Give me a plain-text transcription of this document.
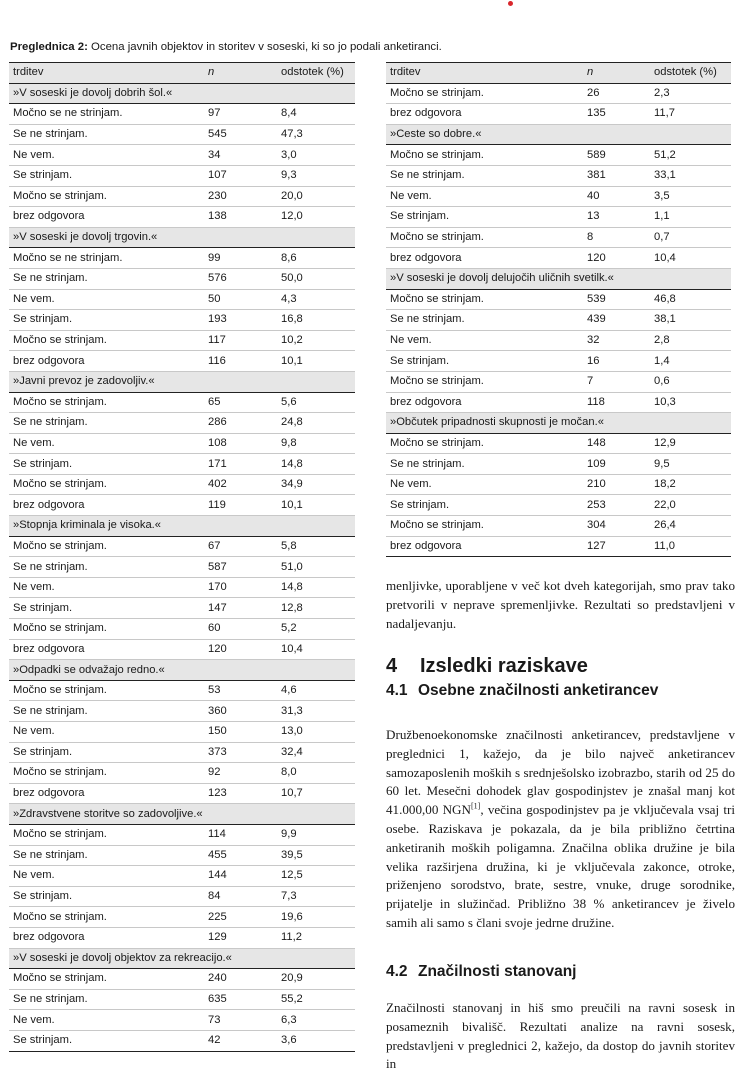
Preglednica 2: Ocena javnih objektov in storitev v soseski, ki so jo podali anketiranci.
trditev	n	odstotek (%)
»V soseski je dovolj dobrih šol.«		
Močno se ne strinjam.	97	8,4
Se ne strinjam.	545	47,3
Ne vem.	34	3,0
Se strinjam.	107	9,3
Močno se strinjam.	230	20,0
brez odgovora	138	12,0
»V soseski je dovolj trgovin.«		
Močno se ne strinjam.	99	8,6
Se ne strinjam.	576	50,0
Ne vem.	50	4,3
Se strinjam.	193	16,8
Močno se strinjam.	117	10,2
brez odgovora	116	10,1
»Javni prevoz je zadovoljiv.«		
Močno se strinjam.	65	5,6
Se ne strinjam.	286	24,8
Ne vem.	108	9,8
Se strinjam.	171	14,8
Močno se strinjam.	402	34,9
brez odgovora	119	10,1
»Stopnja kriminala je visoka.«		
Močno se strinjam.	67	5,8
Se ne strinjam.	587	51,0
Ne vem.	170	14,8
Se strinjam.	147	12,8
Močno se strinjam.	60	5,2
brez odgovora	120	10,4
»Odpadki se odvažajo redno.«		
Močno se strinjam.	53	4,6
Se ne strinjam.	360	31,3
Ne vem.	150	13,0
Se strinjam.	373	32,4
Močno se strinjam.	92	8,0
brez odgovora	123	10,7
»Zdravstvene storitve so zadovoljive.«		
Močno se strinjam.	114	9,9
Se ne strinjam.	455	39,5
Ne vem.	144	12,5
Se strinjam.	84	7,3
Močno se strinjam.	225	19,6
brez odgovora	129	11,2
»V soseski je dovolj objektov za rekreacijo.«		
Močno se strinjam.	240	20,9
Se ne strinjam.	635	55,2
Ne vem.	73	6,3
Se strinjam.	42	3,6
trditev	n	odstotek (%)
Močno se strinjam.	26	2,3
brez odgovora	135	11,7
»Ceste so dobre.«		
Močno se strinjam.	589	51,2
Se ne strinjam.	381	33,1
Ne vem.	40	3,5
Se strinjam.	13	1,1
Močno se strinjam.	8	0,7
brez odgovora	120	10,4
»V soseski je dovolj delujočih uličnih svetilk.«		
Močno se strinjam.	539	46,8
Se ne strinjam.	439	38,1
Ne vem.	32	2,8
Se strinjam.	16	1,4
Močno se strinjam.	7	0,6
brez odgovora	118	10,3
»Občutek pripadnosti skupnosti je močan.«		
Močno se strinjam.	148	12,9
Se ne strinjam.	109	9,5
Ne vem.	210	18,2
Se strinjam.	253	22,0
Močno se strinjam.	304	26,4
brez odgovora	127	11,0

menljivke, uporabljene v več kot dveh kategorijah, smo prav tako pretvorili v neprave spremenljivke. Rezultati so predstavljeni v nadaljevanju.

4 Izsledki raziskave
4.1 Osebne značilnosti anketirancev

Družbenoekonomske značilnosti anketirancev, predstavljene v preglednici 1, kažejo, da je bilo največ anketirancev samozaposlenih moških s srednješolsko izobrazbo, starih od 25 do 60 let. Mesečni dohodek glav gospodinjstev je znašal manj kot 41.000,00 NGN[1], večina gospodinjstev pa je vključevala vsaj tri osebe. Raziskava je pokazala, da je bila približno četrtina anketiranih moških poligamna. Značilna oblika družine je bila velika razširjena družina, ki je vključevala zakonce, otroke, priženjeno sorodstvo, brate, sestre, vnuke, druge sorodnike, prijatelje in služinčad. Približno 38 % anketirancev je živelo samih ali samo s člani svoje jedrne družine.

4.2 Značilnosti stanovanj

Značilnosti stanovanj in hiš smo preučili na ravni sosesk in posameznih bivališč. Rezultati analize na ravni sosesk, predstavljeni v preglednici 2, kažejo, da dostop do javnih storitev in
